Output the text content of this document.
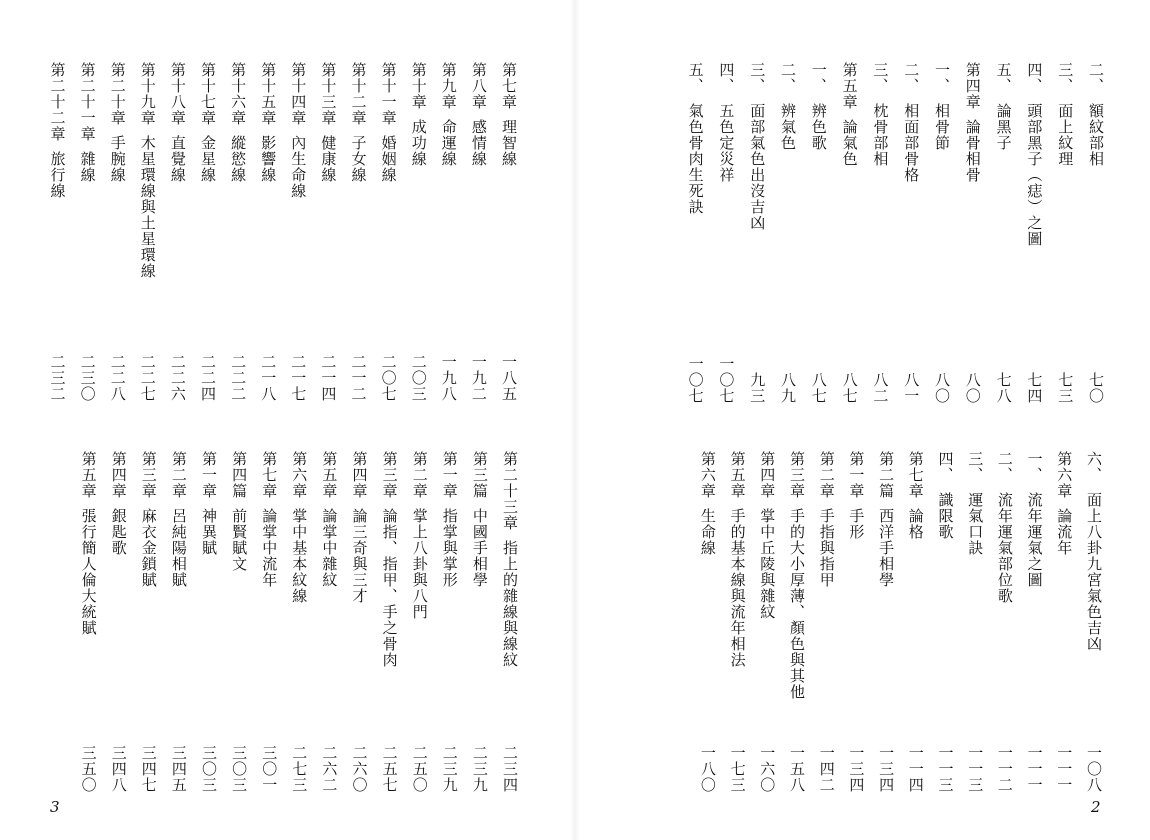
第七章
理智線
一八五
第八章
感情線
一九二
第九章
命運線
一九八
第十章
成功線
二〇三
第十一章
婚姻線
二〇七
第十二章
子女線
二一二
第十三章
健康線
二一四
第十四章
內生命線
二一七
第十五章
影響線
二一八
第十六章
縱慾線
二二二
第十七章
金星線
二二四
第十八章
直覺線
二二六
第十九章
木星環線與土星環線
二二七
第二十章
手腕線
二二八
第二十一章
雜線
二三〇
第二十二章
旅行線
二三二
第二十三章
指上的雜線與線紋
二三四
第三篇
中國手相學
二三九
第一章
指掌與掌形
二三九
第二章
掌上八卦與八門
二五〇
第三章
論指、指甲、手之骨肉
二五七
第四章
論三奇與三才
二六〇
第五章
論掌中雜紋
二六二
第六章
掌中基本紋線
二七三
第七章
論掌中流年
三〇一
第四篇
前賢賦文
三〇三
第一章
神異賦
三〇三
第二章
呂純陽相賦
三四五
第三章
麻衣金鎖賦
三四七
第四章
銀匙歌
三四八
第五章
張行簡人倫大統賦
三五〇
3
二、
額紋部相
七〇
三、
面上紋理
七三
四、
頭部黑子（痣）之圖
七四
五、
論黑子
七八
第四章
論骨相骨
八〇
一、
相骨節
八〇
二、
相面部骨格
八一
三、
枕骨部相
八二
第五章
論氣色
八七
一、
辨色歌
八七
二、
辨氣色
八九
三、
面部氣色出沒吉凶
九三
四、
五色定災祥
一〇七
五、
氣色骨肉生死訣
一〇七
六、
面上八卦九宮氣色吉凶
一〇八
第六章
論流年
一一一
一、
流年運氣之圖
一一一
二、
流年運氣部位歌
一一二
三、
運氣口訣
一一三
四、
識限歌
一一三
第七章
論格
一一四
第二篇
西洋手相學
一三四
第一章
手形
一三四
第二章
手指與指甲
一四二
第三章
手的大小厚薄、顏色與其他
一五八
第四章
掌中丘陵與雜紋
一六〇
第五章
手的基本線與流年相法
一七三
第六章
生命線
一八〇
2
